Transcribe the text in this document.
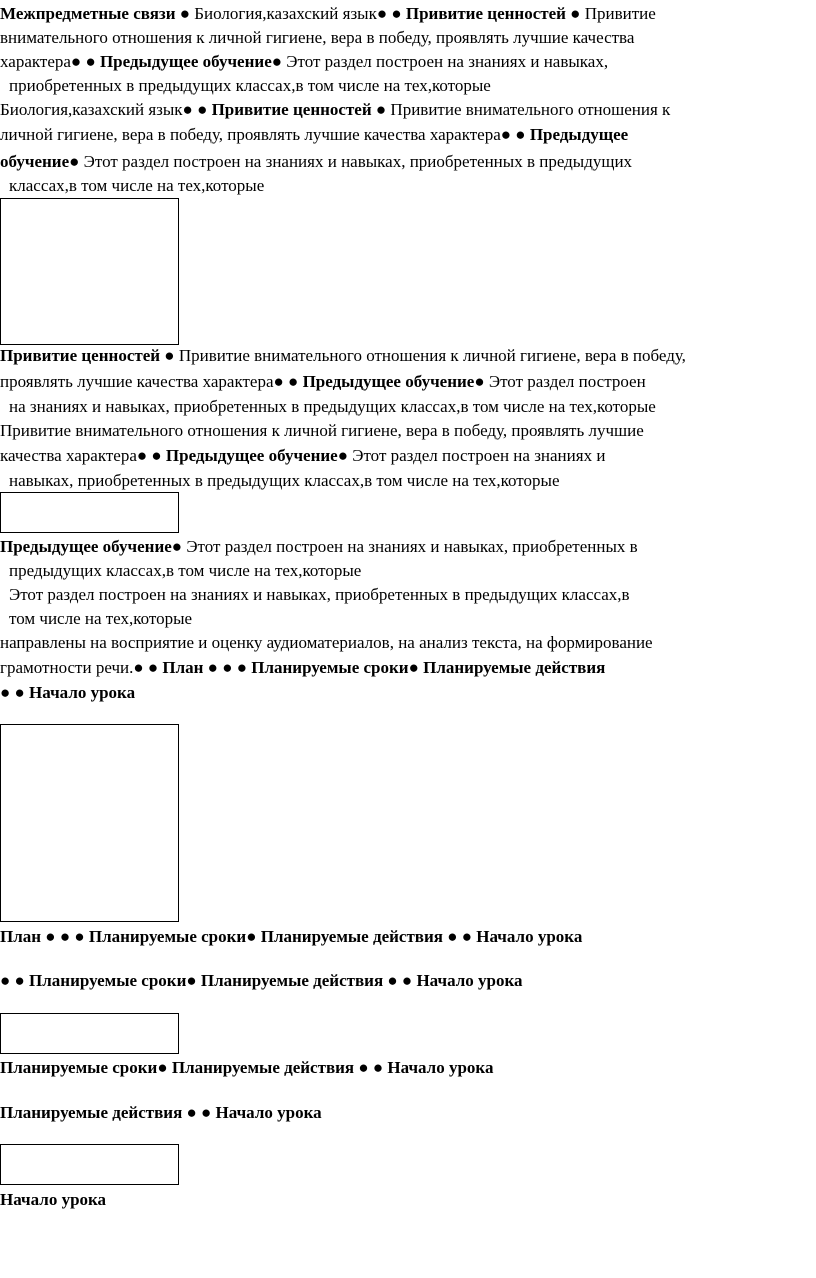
Межпредметные связи ● Биология,казахский язык● ● Привитие ценностей ● Привитие
внимательного отношения к личной гигиене, вера в победу, проявлять лучшие качества
характера● ● Предыдущее обучение● Этот раздел построен на знаниях и навыках,
приобретенных в предыдущих классах,в том числе на тех,которые
Биология,казахский язык● ● Привитие ценностей ● Привитие внимательного отношения к
личной гигиене, вера в победу, проявлять лучшие качества характера● ● Предыдущее
обучение● Этот раздел построен на знаниях и навыках, приобретенных в предыдущих
классах,в том числе на тех,которые
Привитие ценностей ● Привитие внимательного отношения к личной гигиене, вера в победу,
проявлять лучшие качества характера● ● Предыдущее обучение● Этот раздел построен
на знаниях и навыках, приобретенных в предыдущих классах,в том числе на тех,которые
Привитие внимательного отношения к личной гигиене, вера в победу, проявлять лучшие
качества характера● ● Предыдущее обучение● Этот раздел построен на знаниях и
навыках, приобретенных в предыдущих классах,в том числе на тех,которые
Предыдущее обучение● Этот раздел построен на знаниях и навыках, приобретенных в
предыдущих классах,в том числе на тех,которые
Этот раздел построен на знаниях и навыках, приобретенных в предыдущих классах,в
том числе на тех,которые
направлены на восприятие и оценку аудиоматериалов, на анализ текста, на формирование
грамотности речи.● ● План ● ● ● Планируемые сроки● Планируемые действия
● ● Начало урока
План ● ● ● Планируемые сроки● Планируемые действия ● ● Начало урока
● ● Планируемые сроки● Планируемые действия ● ● Начало урока
Планируемые сроки● Планируемые действия ● ● Начало урока
Планируемые действия ● ● Начало урока
Начало урока
